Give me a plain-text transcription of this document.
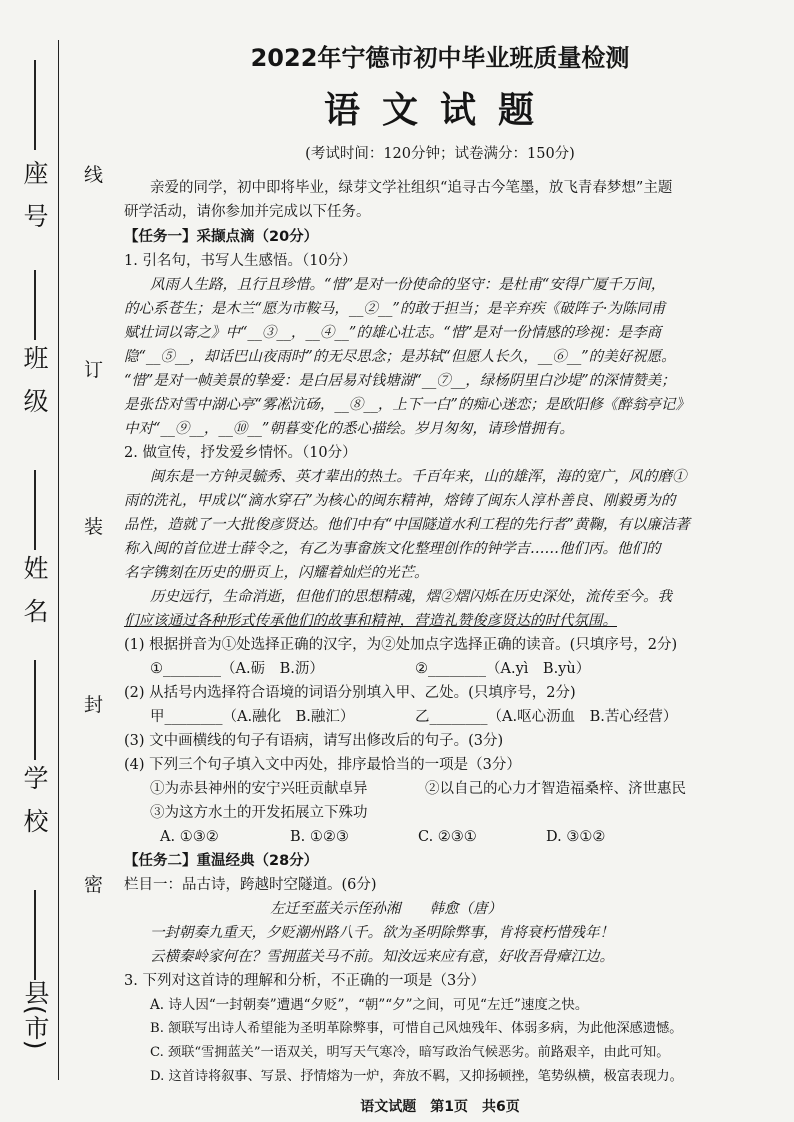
县(市)
学校
姓名
班级
座号 线
订
装
封
密
2022年宁德市初中毕业班质量检测
语文试题
(考试时间：120分钟；试卷满分：150分)
亲爱的同学，初中即将毕业，绿芽文学社组织“追寻古今笔墨，放飞青春梦想”主题
研学活动，请你参加并完成以下任务。
【任务一】采撷点滴（20分）
1. 引名句，书写人生感悟。（10分）
风雨人生路，且行且珍惜。“惜”是对一份使命的坚守：是杜甫“安得广厦千万间，
的心系苍生；是木兰“愿为市鞍马，__②__”的敢于担当；是辛弃疾《破阵子·为陈同甫
赋壮词以寄之》中“__③__，__④__”的雄心壮志。“惜”是对一份情感的珍视：是李商
隐“__⑤__，却话巴山夜雨时”的无尽思念；是苏轼“但愿人长久，__⑥__”的美好祝愿。
“惜”是对一帧美景的挚爱：是白居易对钱塘湖“__⑦__，绿杨阴里白沙堤”的深情赞美；
是张岱对雪中湖心亭“雾凇沆砀，__⑧__，上下一白”的痴心迷恋；是欧阳修《醉翁亭记》
中对“__⑨__，__⑩__”朝暮变化的悉心描绘。岁月匆匆，请珍惜拥有。
2. 做宣传，抒发爱乡情怀。（10分）
闽东是一方钟灵毓秀、英才辈出的热土。千百年来，山的雄浑，海的宽广，风的磨①
雨的洗礼，甲成以“滴水穿石”为核心的闽东精神，熔铸了闽东人淳朴善良、刚毅勇为的
品性，造就了一大批俊彦贤达。他们中有“中国隧道水利工程的先行者”黄鞠，有以廉洁著
称入闽的首位进士薛令之，有乙为事畲族文化整理创作的钟学吉……他们丙。他们的
名字镌刻在历史的册页上，闪耀着灿烂的光芒。
历史远行，生命消逝，但他们的思想精魂，熠②熠闪烁在历史深处，流传至今。我
们应该通过各种形式传承他们的故事和精神，营造礼赞俊彦贤达的时代氛围。
(1) 根据拼音为①处选择正确的汉字，为②处加点字选择正确的读音。(只填序号，2分)
①________（A.砺　B.沥）	②________（A.yì　B.yù）
(2) 从括号内选择符合语境的词语分别填入甲、乙处。(只填序号，2分)
甲________（A.融化　B.融汇）	乙________（A.呕心沥血　B.苦心经营）
(3) 文中画横线的句子有语病，请写出修改后的句子。(3分)
(4) 下列三个句子填入文中丙处，排序最恰当的一项是（3分）
①为赤县神州的安宁兴旺贡献卓异	②以自己的心力才智造福桑梓、济世惠民
③为这方水土的开发拓展立下殊功
A. ①③②	B. ①②③	C. ②③①	D. ③①②
【任务二】重温经典（28分）
栏目一：品古诗，跨越时空隧道。(6分)
左迁至蓝关示侄孙湘　　韩愈（唐）
一封朝奏九重天，夕贬潮州路八千。欲为圣明除弊事，肯将衰朽惜残年！
云横秦岭家何在？雪拥蓝关马不前。知汝远来应有意，好收吾骨瘴江边。
3. 下列对这首诗的理解和分析，不正确的一项是（3分）
A. 诗人因“一封朝奏”遭遇“夕贬”，“朝”“夕”之间，可见“左迁”速度之快。
B. 颔联写出诗人希望能为圣明革除弊事，可惜自己风烛残年、体弱多病，为此他深感遗憾。
C. 颈联“雪拥蓝关”一语双关，明写天气寒冷，暗写政治气候恶劣。前路艰辛，由此可知。
D. 这首诗将叙事、写景、抒情熔为一炉，奔放不羁，又抑扬顿挫，笔势纵横，极富表现力。
语文试题　第1页　共6页
